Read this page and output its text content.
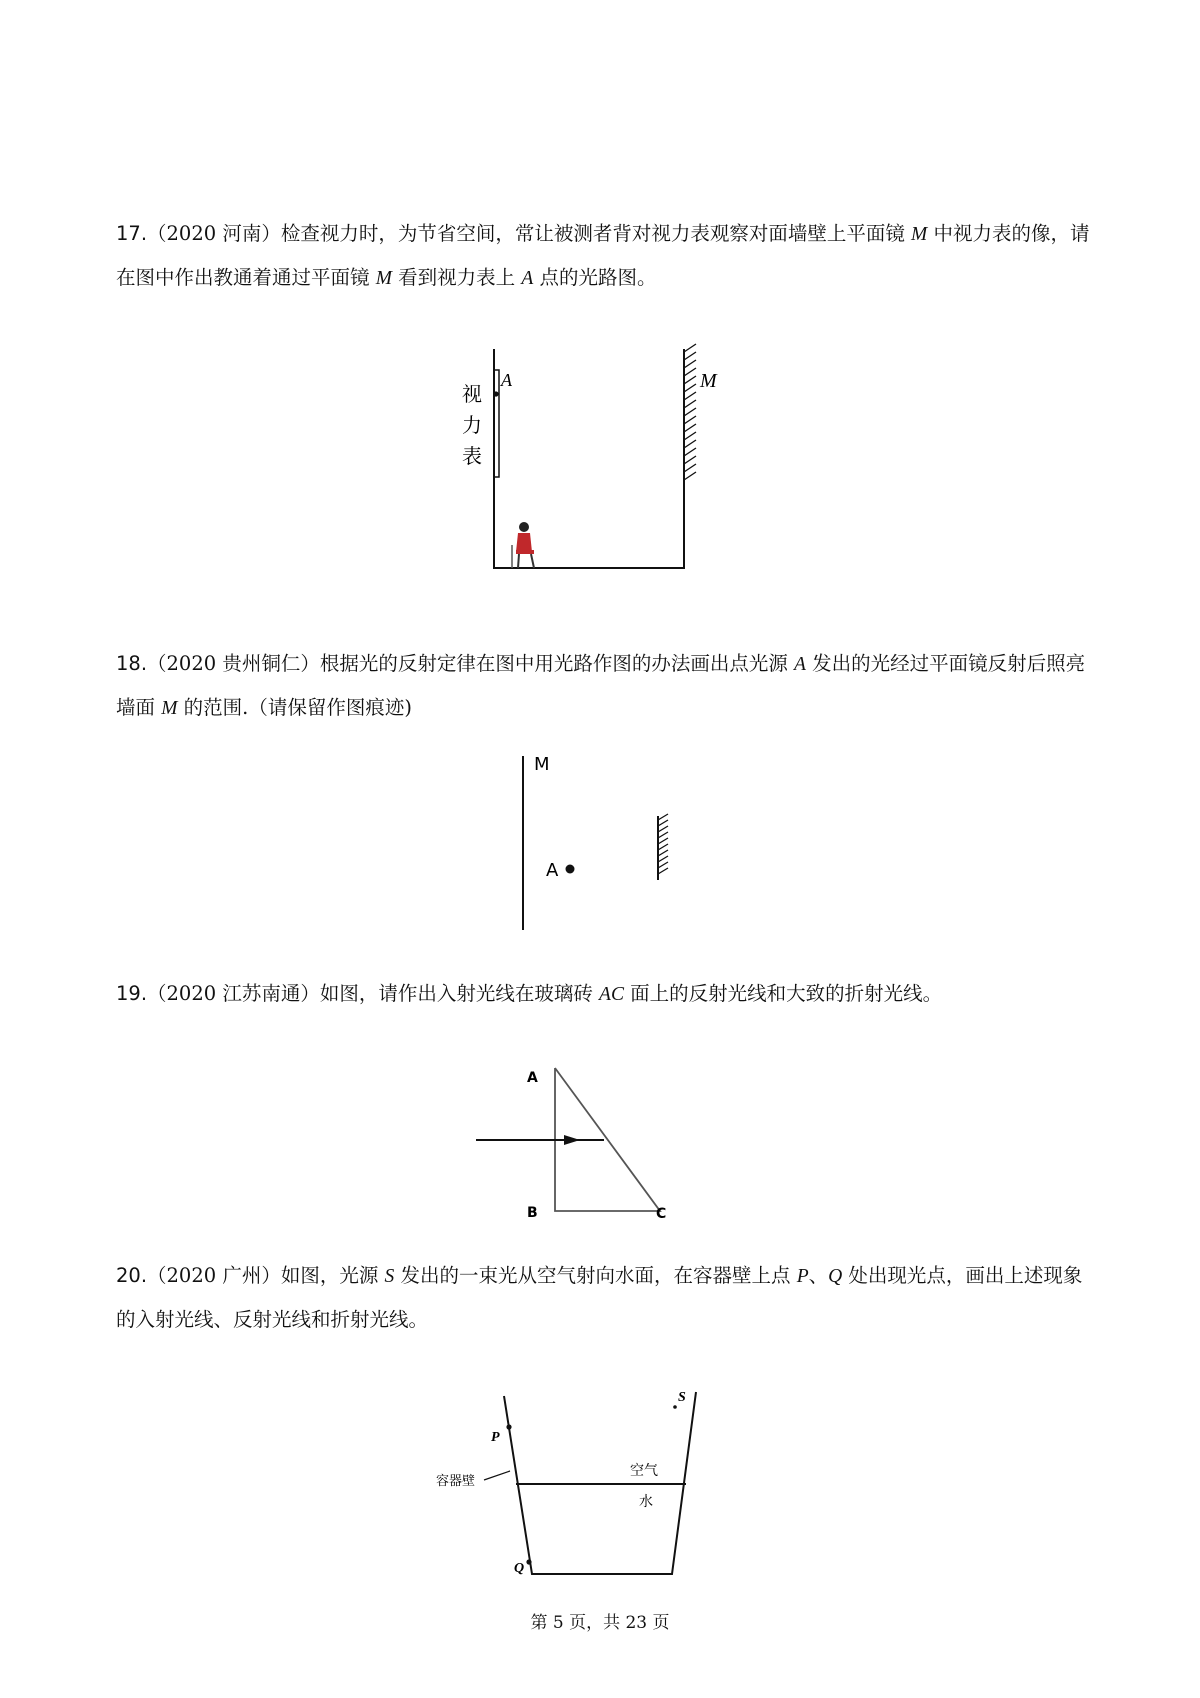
17.（2020 河南）检查视力时，为节省空间，常让被测者背对视力表观察对面墙壁上平面镜 M 中视力表的像，请在图中作出教通着通过平面镜 M 看到视力表上 A 点的光路图。
A
视
力
表
M
18.（2020 贵州铜仁）根据光的反射定律在图中用光路作图的办法画出点光源 A 发出的光经过平面镜反射后照亮墙面 M 的范围.（请保留作图痕迹)
M
A
19.（2020 江苏南通）如图，请作出入射光线在玻璃砖 AC 面上的反射光线和大致的折射光线。
A
B	C
20.（2020 广州）如图，光源 S 发出的一束光从空气射向水面，在容器壁上点 P、Q 处出现光点，画出上述现象的入射光线、反射光线和折射光线。
P
Q
S
容器壁
空气
水
第 5 页，共 23 页
